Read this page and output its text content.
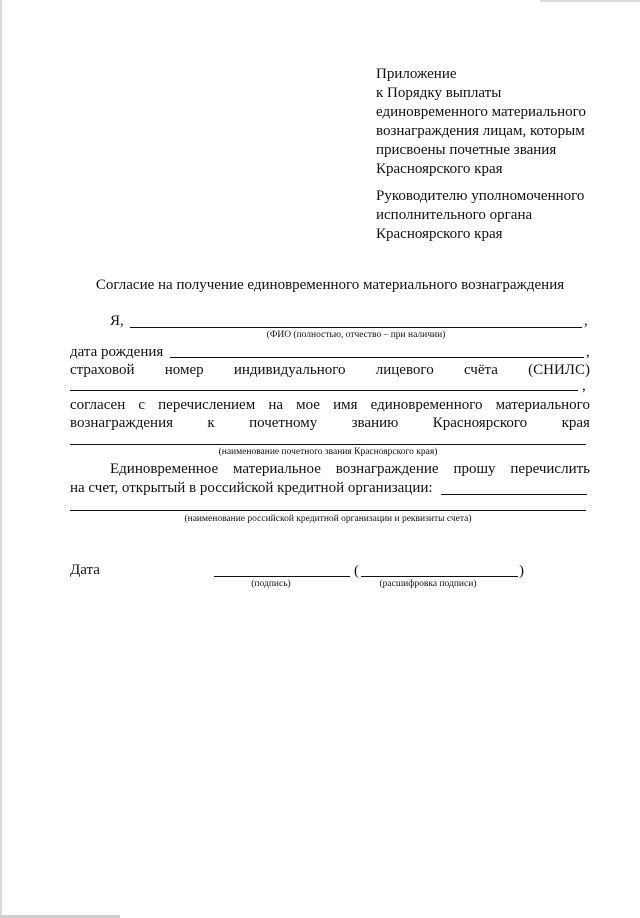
Приложение
к Порядку выплаты
единовременного материального
вознаграждения лицам, которым
присвоены почетные звания
Красноярского края
Руководителю уполномоченного
исполнительного органа
Красноярского края
Согласие на получение единовременного материального вознаграждения
Я,	,
(ФИО (полностью, отчество – при наличии)
дата рождения	,
страховой номер индивидуального лицевого счёта (СНИЛС)
,
согласен с перечислением на мое имя единовременного материального
вознаграждения к почетному званию Красноярского края
(наименование почетного звания Красноярского края)
Единовременное материальное вознаграждение прошу перечислить
на счет, открытый в российской кредитной организации:
(наименование российской кредитной организации и реквизиты счета)
Дата	(	)
(подпись)	(расшифровка подписи)
